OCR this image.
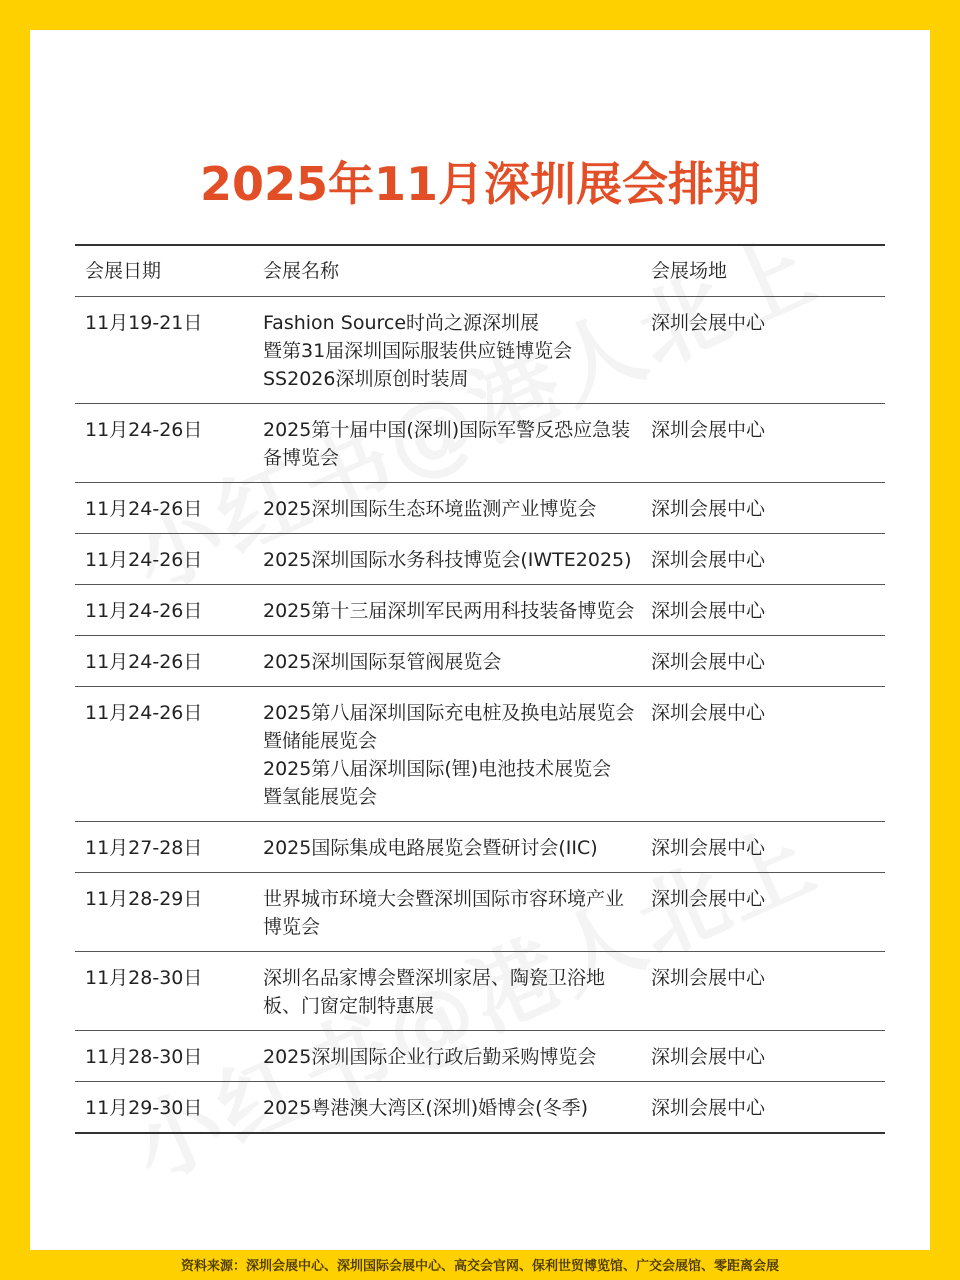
2025年11月深圳展会排期
会展日期	会展名称	会展场地
11月19-21日	Fashion Source时尚之源深圳展
暨第31届深圳国际服装供应链博览会
SS2026深圳原创时装周
深圳会展中心
11月24-26日	2025第十届中国(深圳)国际军警反恐应急装
备博览会
深圳会展中心
11月24-26日	2025深圳国际生态环境监测产业博览会	深圳会展中心
11月24-26日	2025深圳国际水务科技博览会(IWTE2025)	深圳会展中心
11月24-26日	2025第十三届深圳军民两用科技装备博览会 深圳会展中心
11月24-26日	2025深圳国际泵管阀展览会	深圳会展中心
11月24-26日	2025第八届深圳国际充电桩及换电站展览会
暨储能展览会
2025第八届深圳国际(锂)电池技术展览会
暨氢能展览会
深圳会展中心
11月27-28日	2025国际集成电路展览会暨研讨会(IIC)	深圳会展中心
11月28-29日	世界城市环境大会暨深圳国际市容环境产业
博览会
深圳会展中心
11月28-30日	深圳名品家博会暨深圳家居、陶瓷卫浴地
板、门窗定制特惠展
深圳会展中心
11月28-30日	2025深圳国际企业行政后勤采购博览会	深圳会展中心
11月29-30日	2025粤港澳大湾区(深圳)婚博会(冬季)	深圳会展中心
资料来源：深圳会展中心、深圳国际会展中心、高交会官网、保利世贸博览馆、广交会展馆、零距离会展
